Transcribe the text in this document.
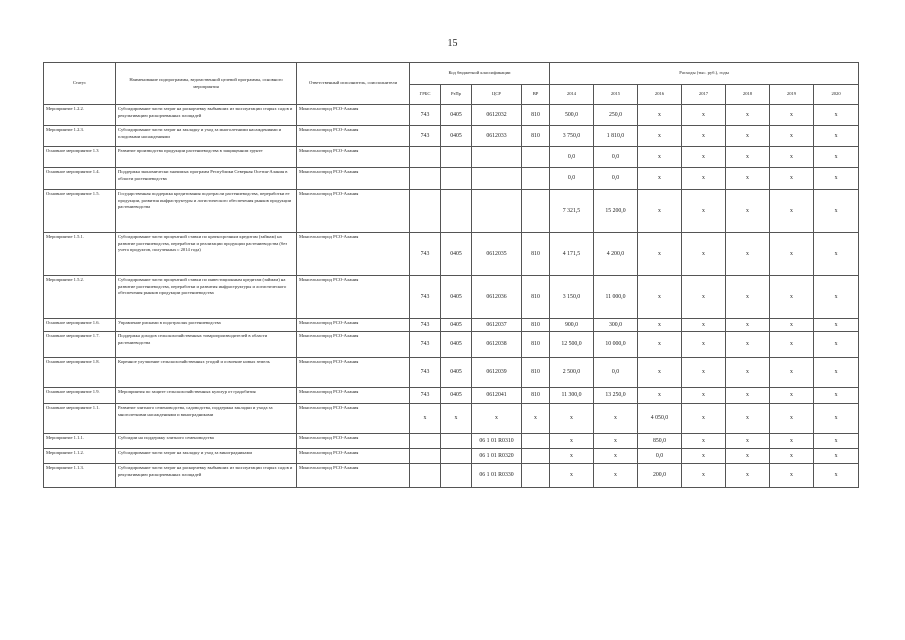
15
Статус	Наименование подпрограммы, ведомственной целевой программы, основного мероприятия	Ответственный исполнитель, соисполнители	Код бюджетной классификации				Расходы (тыс. руб.), годы						
			ГРБС	РзПр	ЦСР	ВР	2014	2015	2016	2017	2018	2019	2020
Мероприятие 1.2.2.	Субсидирование части затрат на раскорчевку выбывших из эксплуатации старых садов и рекультивацию раскорчеванных площадей	Минсельхозпрод РСО-Алания	743	0405	0612032	810	500,0	250,0	х	х	х	х	х
Мероприятие 1.2.3.	Субсидирование части затрат на закладку и уход за многолетними насаждениями и плодовыми насаждениями	Минсельхозпрод РСО-Алания	743	0405	0612033	810	3 750,0	1 810,0	х	х	х	х	х
Основное мероприятие 1.3	Развитие производства продукции растениеводства в защищенном грунте	Минсельхозпрод РСО-Алания					0,0	0,0	х	х	х	х	х
Основное мероприятие 1.4.	Поддержка экономически значимых программ Республики Северная Осетия-Алания в области растениеводства	Минсельхозпрод РСО-Алания					0,0	0,0	х	х	х	х	х
Основное мероприятие 1.5.	Государственная поддержка кредитования подотрасли растениеводства, переработки ее продукции, развития инфраструктуры и логистического обеспечения рынков продукции растениеводства	Минсельхозпрод РСО-Алания					7 321,5	15 200,0	х	х	х	х	х
Мероприятие 1.5.1.	Субсидирование части процентной ставки по краткосрочным кредитам (займам) на развитие растениеводства, переработки и реализации продукции растениеводства (без учета продуктов, полученных с 2014 года)	Минсельхозпрод РСО-Алания	743	0405	0612035	810	4 171,5	4 200,0	х	х	х	х	х
Мероприятие 1.5.2.	Субсидирование части процентной ставки по инвестиционным кредитам (займам) на развитие растениеводства, переработки и развития инфраструктуры и логистического обеспечения рынков продукции растениеводства	Минсельхозпрод РСО-Алания	743	0405	0612036	810	3 150,0	11 000,0	х	х	х	х	х
Основное мероприятие 1.6.	Управление рисками в подотраслях растениеводства	Минсельхозпрод РСО-Алания	743	0405	0612037	810	900,0	300,0	х	х	х	х	х
Основное мероприятие 1.7.	Поддержка доходов сельскохозяйственных товаропроизводителей в области растениеводства	Минсельхозпрод РСО-Алания	743	0405	0612038	810	12 500,0	10 000,0	х	х	х	х	х
Основное мероприятие 1.8.	Коренное улучшение сельскохозяйственных угодий и освоение новых земель	Минсельхозпрод РСО-Алания	743	0405	0612039	810	2 500,0	0,0	х	х	х	х	х
Основное мероприятие 1.9.	Мероприятия по защите сельскохозяйственных культур от градобития	Минсельхозпрод РСО-Алания	743	0405	0612041	810	11 300,0	13 250,0	х	х	х	х	х
Основное мероприятие 1.1.	Развитие элитного семеноводства, садоводства, поддержка закладки и ухода за многолетними насаждениями и виноградниками	Минсельхозпрод РСО-Алания	х	х	х	х	х	х	4 050,0	х	х	х	х
Мероприятие 1.1.1.	Субсидии на поддержку элитного семеноводства	Минсельхозпрод РСО-Алания			06 1 01 R0310		х	х	850,0	х	х	х	х
Мероприятие 1.1.2.	Субсидирование части затрат на закладку и уход за виноградниками	Минсельхозпрод РСО-Алания			06 1 01 R0320		х	х	0,0	х	х	х	х
Мероприятие 1.1.3.	Субсидирование части затрат на раскорчевку выбывших из эксплуатации старых садов и рекультивацию раскорчеванных площадей	Минсельхозпрод РСО-Алания			06 1 01 R0330		х	х	200,0	х	х	х	х
